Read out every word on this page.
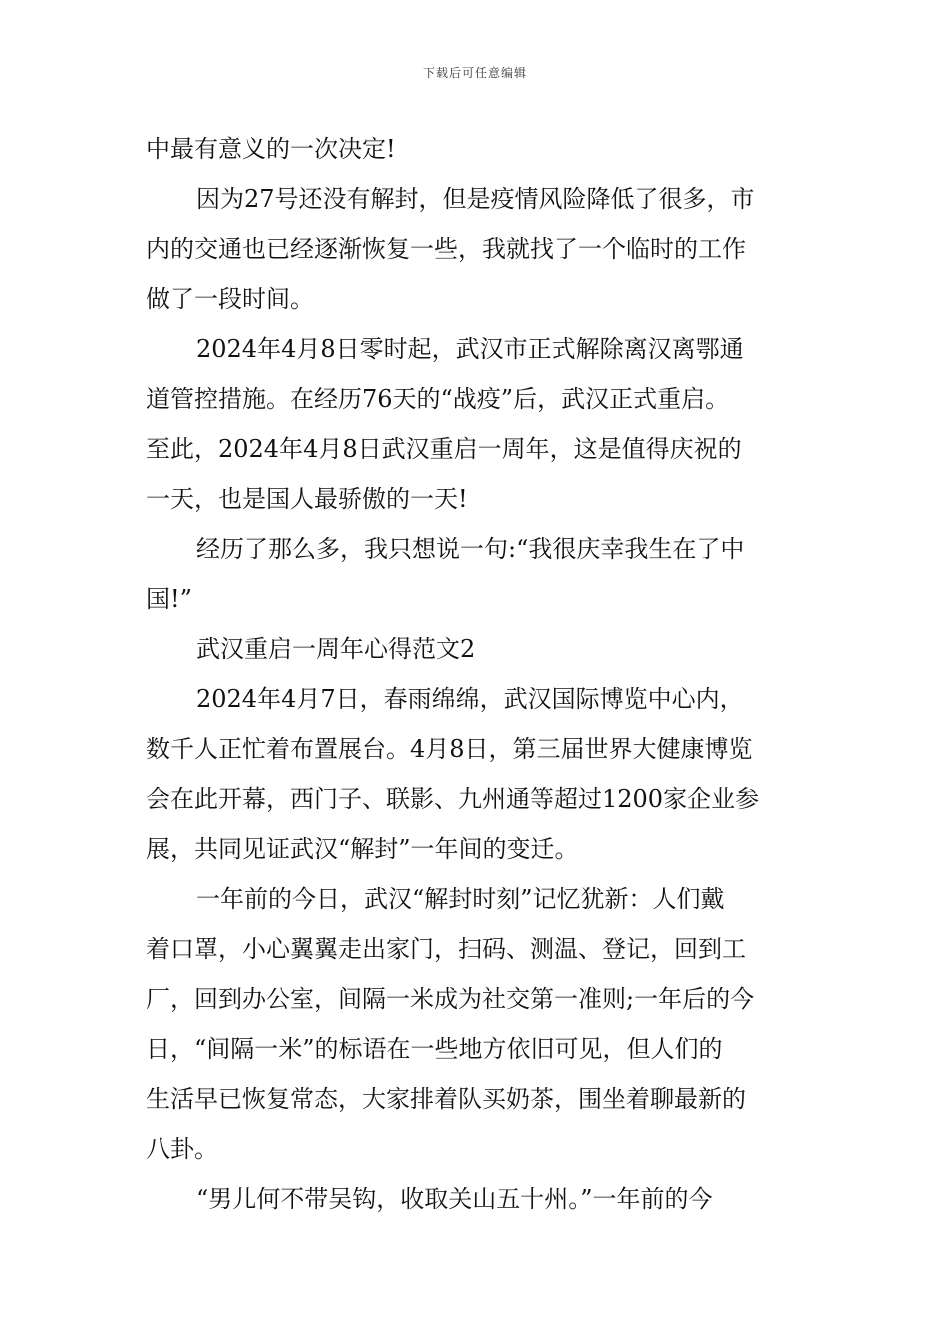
下载后可任意编辑
中最有意义的一次决定!
因为27号还没有解封，但是疫情风险降低了很多，市
内的交通也已经逐渐恢复一些，我就找了一个临时的工作
做了一段时间。
2024年4月8日零时起，武汉市正式解除离汉离鄂通
道管控措施。在经历76天的“战疫”后，武汉正式重启。
至此，2024年4月8日武汉重启一周年，这是值得庆祝的
一天，也是国人最骄傲的一天!
经历了那么多，我只想说一句:“我很庆幸我生在了中
国!”
武汉重启一周年心得范文2
2024年4月7日，春雨绵绵，武汉国际博览中心内，
数千人正忙着布置展台。4月8日，第三届世界大健康博览
会在此开幕，西门子、联影、九州通等超过1200家企业参
展，共同见证武汉“解封”一年间的变迁。
一年前的今日，武汉“解封时刻”记忆犹新：人们戴
着口罩，小心翼翼走出家门，扫码、测温、登记，回到工
厂，回到办公室，间隔一米成为社交第一准则;一年后的今
日，“间隔一米”的标语在一些地方依旧可见，但人们的
生活早已恢复常态，大家排着队买奶茶，围坐着聊最新的
八卦。
“男儿何不带吴钩，收取关山五十州。”一年前的今
